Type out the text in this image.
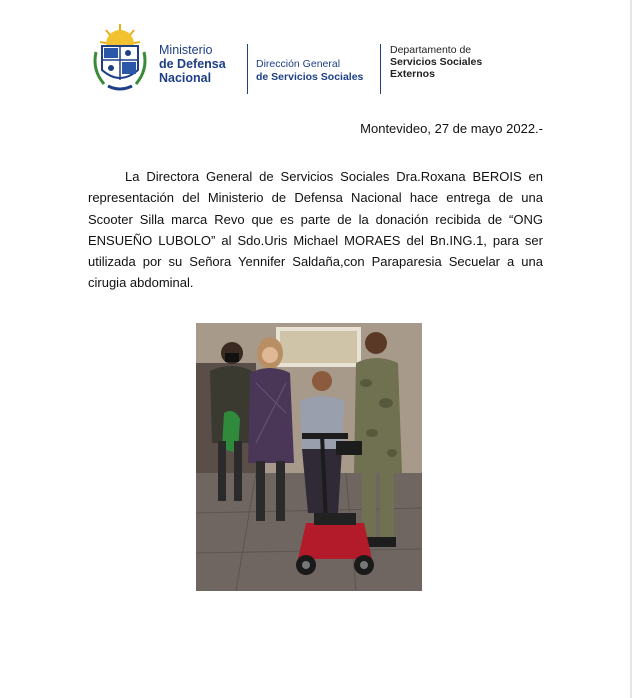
Ministerio
de Defensa
Nacional
Dirección General
de Servicios Sociales
Departamento de
Servicios Sociales
Externos
Montevideo, 27 de mayo 2022.-
La Directora General de Servicios Sociales Dra.Roxana BEROIS en representación del Ministerio de Defensa Nacional hace entrega de una Scooter Silla marca Revo que es parte de la donación recibida de “ONG ENSUEÑO LUBOLO” al Sdo.Uris Michael MORAES del Bn.ING.1, para ser utilizada por su Señora Yennifer Saldaña,con Paraparesia Secuelar a una cirugia abdominal.
